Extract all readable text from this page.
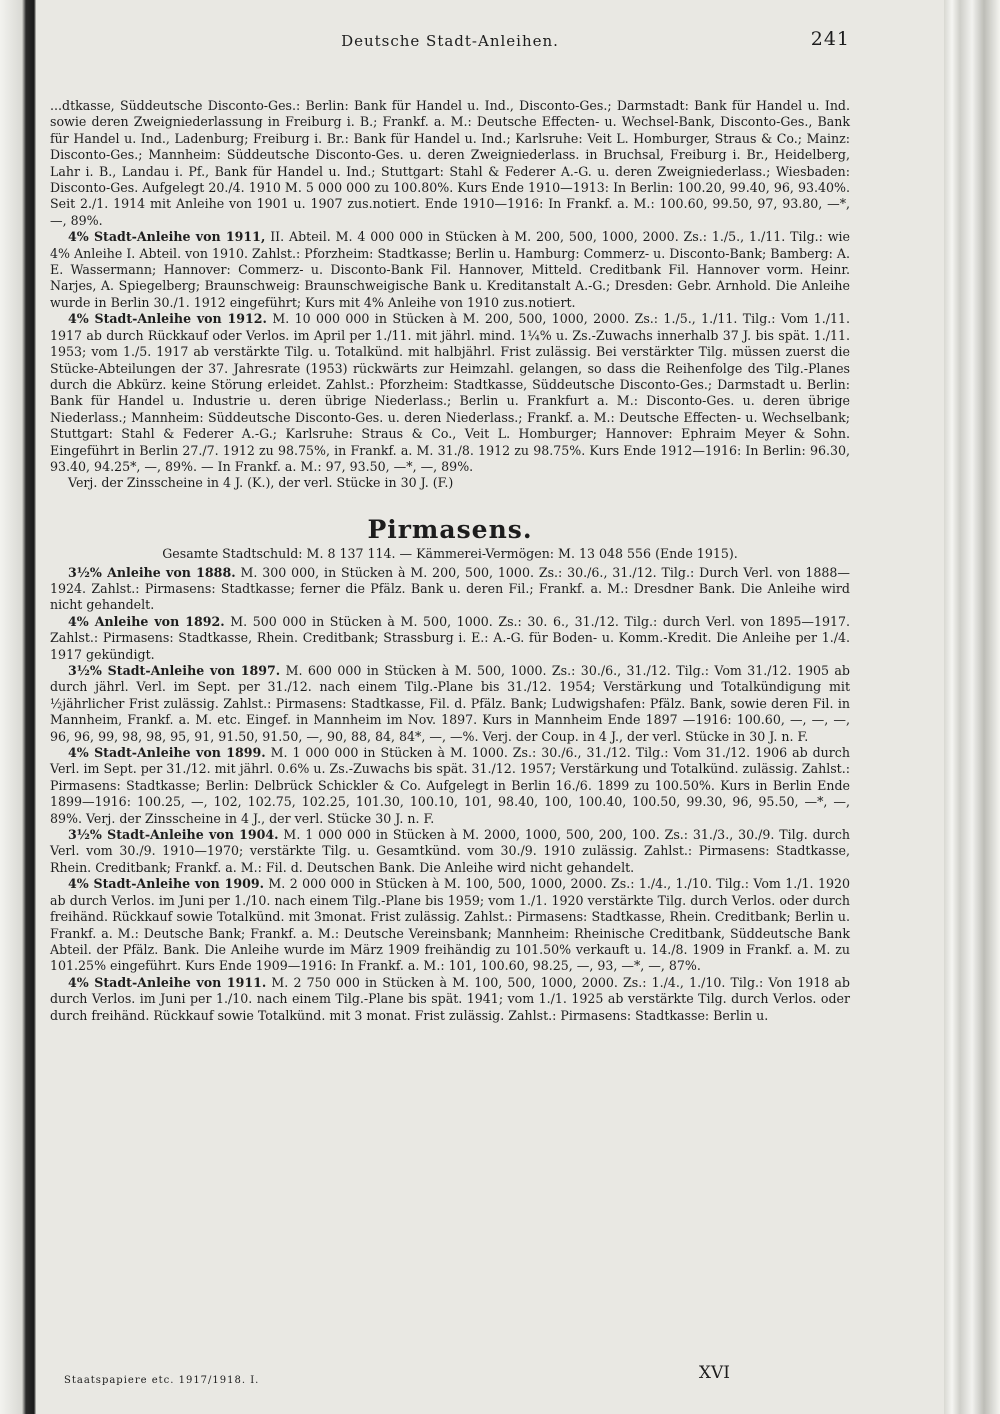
Deutsche Stadt-Anleihen.	241

...dtkasse, Süddeutsche Disconto-Ges.: Berlin: Bank für Handel u. Ind., Disconto-Ges.; Darmstadt: Bank für Handel u. Ind. sowie deren Zweigniederlassung in Freiburg i. B.; Frankf. a. M.: Deutsche Effecten- u. Wechsel-Bank, Disconto-Ges., Bank für Handel u. Ind., Ladenburg; Freiburg i. Br.: Bank für Handel u. Ind.; Karlsruhe: Veit L. Homburger, Straus & Co.; Mainz: Disconto-Ges.; Mannheim: Süddeutsche Disconto-Ges. u. deren Zweigniederlass. in Bruchsal, Freiburg i. Br., Heidelberg, Lahr i. B., Landau i. Pf., Bank für Handel u. Ind.; Stuttgart: Stahl & Federer A.-G. u. deren Zweigniederlass.; Wiesbaden: Disconto-Ges. Aufgelegt 20./4. 1910 M. 5 000 000 zu 100.80%. Kurs Ende 1910—1913: In Berlin: 100.20, 99.40, 96, 93.40%. Seit 2./1. 1914 mit Anleihe von 1901 u. 1907 zus.notiert. Ende 1910—1916: In Frankf. a. M.: 100.60, 99.50, 97, 93.80, —*, —, 89%.

4% Stadt-Anleihe von 1911, II. Abteil. M. 4 000 000 in Stücken à M. 200, 500, 1000, 2000. Zs.: 1./5., 1./11. Tilg.: wie 4% Anleihe I. Abteil. von 1910. Zahlst.: Pforzheim: Stadtkasse; Berlin u. Hamburg: Commerz- u. Disconto-Bank; Bamberg: A. E. Wassermann; Hannover: Commerz- u. Disconto-Bank Fil. Hannover, Mitteld. Creditbank Fil. Hannover vorm. Heinr. Narjes, A. Spiegelberg; Braunschweig: Braunschweigische Bank u. Kreditanstalt A.-G.; Dresden: Gebr. Arnhold. Die Anleihe wurde in Berlin 30./1. 1912 eingeführt; Kurs mit 4% Anleihe von 1910 zus.notiert.

4% Stadt-Anleihe von 1912. M. 10 000 000 in Stücken à M. 200, 500, 1000, 2000. Zs.: 1./5., 1./11. Tilg.: Vom 1./11. 1917 ab durch Rückkauf oder Verlos. im April per 1./11. mit jährl. mind. 1¼% u. Zs.-Zuwachs innerhalb 37 J. bis spät. 1./11. 1953; vom 1./5. 1917 ab verstärkte Tilg. u. Totalkünd. mit halbjährl. Frist zulässig. Bei verstärkter Tilg. müssen zuerst die Stücke-Abteilungen der 37. Jahresrate (1953) rückwärts zur Heimzahl. gelangen, so dass die Reihenfolge des Tilg.-Planes durch die Abkürz. keine Störung erleidet. Zahlst.: Pforzheim: Stadtkasse, Süddeutsche Disconto-Ges.; Darmstadt u. Berlin: Bank für Handel u. Industrie u. deren übrige Niederlass.; Berlin u. Frankfurt a. M.: Disconto-Ges. u. deren übrige Niederlass.; Mannheim: Süddeutsche Disconto-Ges. u. deren Niederlass.; Frankf. a. M.: Deutsche Effecten- u. Wechselbank; Stuttgart: Stahl & Federer A.-G.; Karlsruhe: Straus & Co., Veit L. Homburger; Hannover: Ephraim Meyer & Sohn. Eingeführt in Berlin 27./7. 1912 zu 98.75%, in Frankf. a. M. 31./8. 1912 zu 98.75%. Kurs Ende 1912—1916: In Berlin: 96.30, 93.40, 94.25*, —, 89%. — In Frankf. a. M.: 97, 93.50, —*, —, 89%.

Verj. der Zinsscheine in 4 J. (K.), der verl. Stücke in 30 J. (F.)

Pirmasens.
Gesamte Stadtschuld: M. 8 137 114. — Kämmerei-Vermögen: M. 13 048 556 (Ende 1915).

3½% Anleihe von 1888. M. 300 000, in Stücken à M. 200, 500, 1000. Zs.: 30./6., 31./12. Tilg.: Durch Verl. von 1888—1924. Zahlst.: Pirmasens: Stadtkasse; ferner die Pfälz. Bank u. deren Fil.; Frankf. a. M.: Dresdner Bank. Die Anleihe wird nicht gehandelt.

4% Anleihe von 1892. M. 500 000 in Stücken à M. 500, 1000. Zs.: 30. 6., 31./12. Tilg.: durch Verl. von 1895—1917. Zahlst.: Pirmasens: Stadtkasse, Rhein. Creditbank; Strassburg i. E.: A.-G. für Boden- u. Komm.-Kredit. Die Anleihe per 1./4. 1917 gekündigt.

3½% Stadt-Anleihe von 1897. M. 600 000 in Stücken à M. 500, 1000. Zs.: 30./6., 31./12. Tilg.: Vom 31./12. 1905 ab durch jährl. Verl. im Sept. per 31./12. nach einem Tilg.-Plane bis 31./12. 1954; Verstärkung und Totalkündigung mit ½jährlicher Frist zulässig. Zahlst.: Pirmasens: Stadtkasse, Fil. d. Pfälz. Bank; Ludwigshafen: Pfälz. Bank, sowie deren Fil. in Mannheim, Frankf. a. M. etc. Eingef. in Mannheim im Nov. 1897. Kurs in Mannheim Ende 1897 —1916: 100.60, —, —, —, 96, 96, 99, 98, 98, 95, 91, 91.50, 91.50, —, 90, 88, 84, 84*, —, —%. Verj. der Coup. in 4 J., der verl. Stücke in 30 J. n. F.

4% Stadt-Anleihe von 1899. M. 1 000 000 in Stücken à M. 1000. Zs.: 30./6., 31./12. Tilg.: Vom 31./12. 1906 ab durch Verl. im Sept. per 31./12. mit jährl. 0.6% u. Zs.-Zuwachs bis spät. 31./12. 1957; Verstärkung und Totalkünd. zulässig. Zahlst.: Pirmasens: Stadtkasse; Berlin: Delbrück Schickler & Co. Aufgelegt in Berlin 16./6. 1899 zu 100.50%. Kurs in Berlin Ende 1899—1916: 100.25, —, 102, 102.75, 102.25, 101.30, 100.10, 101, 98.40, 100, 100.40, 100.50, 99.30, 96, 95.50, —*, —, 89%. Verj. der Zinsscheine in 4 J., der verl. Stücke 30 J. n. F.

3½% Stadt-Anleihe von 1904. M. 1 000 000 in Stücken à M. 2000, 1000, 500, 200, 100. Zs.: 31./3., 30./9. Tilg. durch Verl. vom 30./9. 1910—1970; verstärkte Tilg. u. Gesamtkünd. vom 30./9. 1910 zulässig. Zahlst.: Pirmasens: Stadtkasse, Rhein. Creditbank; Frankf. a. M.: Fil. d. Deutschen Bank. Die Anleihe wird nicht gehandelt.

4% Stadt-Anleihe von 1909. M. 2 000 000 in Stücken à M. 100, 500, 1000, 2000. Zs.: 1./4., 1./10. Tilg.: Vom 1./1. 1920 ab durch Verlos. im Juni per 1./10. nach einem Tilg.-Plane bis 1959; vom 1./1. 1920 verstärkte Tilg. durch Verlos. oder durch freihänd. Rückkauf sowie Totalkünd. mit 3monat. Frist zulässig. Zahlst.: Pirmasens: Stadtkasse, Rhein. Creditbank; Berlin u. Frankf. a. M.: Deutsche Bank; Frankf. a. M.: Deutsche Vereinsbank; Mannheim: Rheinische Creditbank, Süddeutsche Bank Abteil. der Pfälz. Bank. Die Anleihe wurde im März 1909 freihändig zu 101.50% verkauft u. 14./8. 1909 in Frankf. a. M. zu 101.25% eingeführt. Kurs Ende 1909—1916: In Frankf. a. M.: 101, 100.60, 98.25, —, 93, —*, —, 87%.

4% Stadt-Anleihe von 1911. M. 2 750 000 in Stücken à M. 100, 500, 1000, 2000. Zs.: 1./4., 1./10. Tilg.: Von 1918 ab durch Verlos. im Juni per 1./10. nach einem Tilg.-Plane bis spät. 1941; vom 1./1. 1925 ab verstärkte Tilg. durch Verlos. oder durch freihänd. Rückkauf sowie Totalkünd. mit 3 monat. Frist zulässig. Zahlst.: Pirmasens: Stadtkasse: Berlin u.

Staatspapiere etc. 1917/1918. I.	XVI
